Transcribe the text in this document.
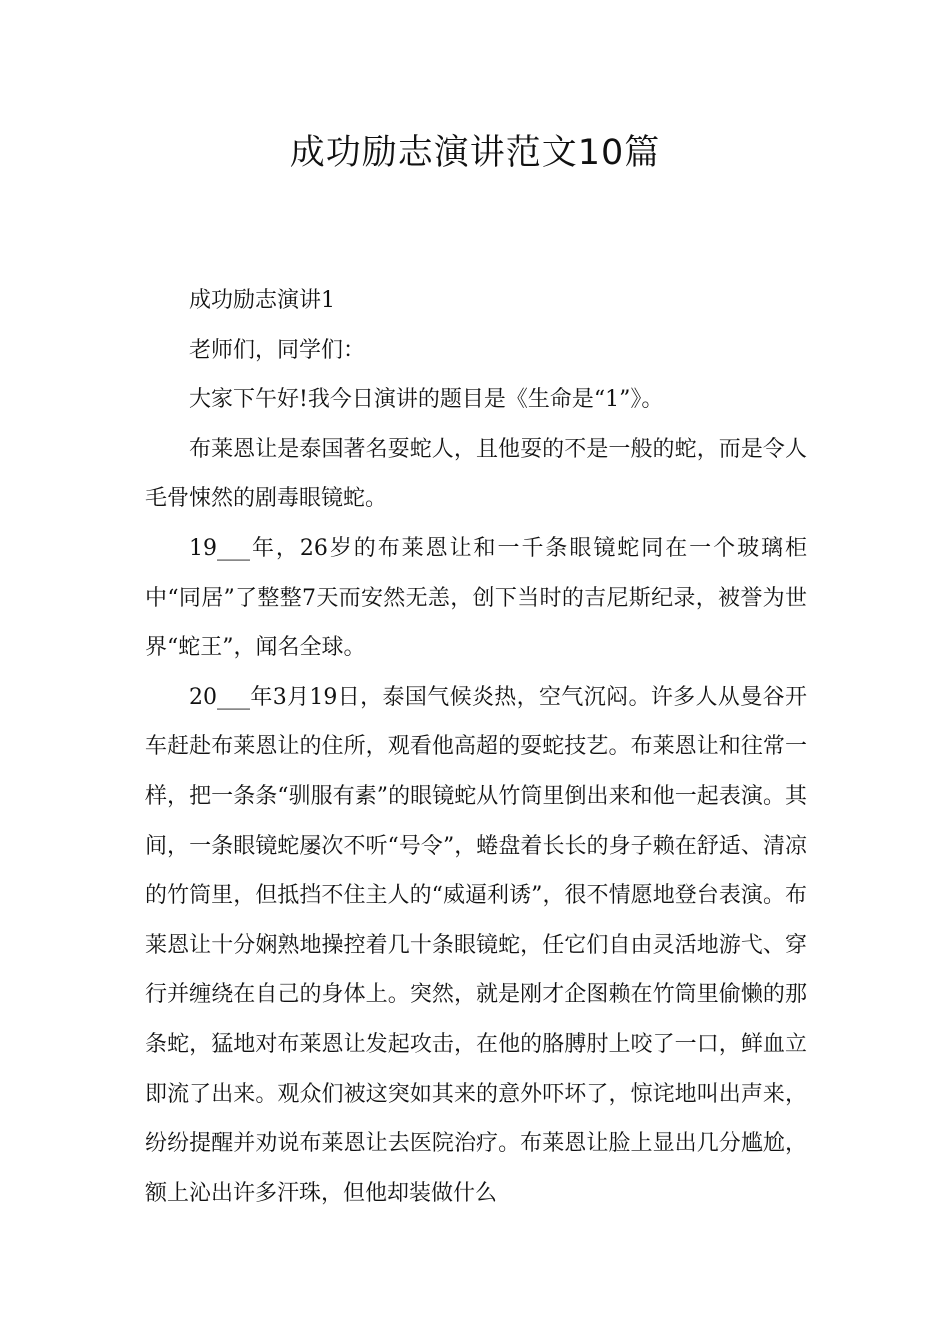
成功励志演讲范文10篇

成功励志演讲1

老师们，同学们：

大家下午好!我今日演讲的题目是《生命是“1”》。

布莱恩让是泰国著名耍蛇人，且他耍的不是一般的蛇，而是令人毛骨悚然的剧毒眼镜蛇。

19___年，26岁的布莱恩让和一千条眼镜蛇同在一个玻璃柜中“同居”了整整7天而安然无恙，创下当时的吉尼斯纪录，被誉为世界“蛇王”，闻名全球。

20___年3月19日，泰国气候炎热，空气沉闷。许多人从曼谷开车赶赴布莱恩让的住所，观看他高超的耍蛇技艺。布莱恩让和往常一样，把一条条“驯服有素”的眼镜蛇从竹筒里倒出来和他一起表演。其间，一条眼镜蛇屡次不听“号令”，蜷盘着长长的身子赖在舒适、清凉的竹筒里，但抵挡不住主人的“威逼利诱”，很不情愿地登台表演。布莱恩让十分娴熟地操控着几十条眼镜蛇，任它们自由灵活地游弋、穿行并缠绕在自己的身体上。突然，就是刚才企图赖在竹筒里偷懒的那条蛇，猛地对布莱恩让发起攻击，在他的胳膊肘上咬了一口，鲜血立即流了出来。观众们被这突如其来的意外吓坏了，惊诧地叫出声来，纷纷提醒并劝说布莱恩让去医院治疗。布莱恩让脸上显出几分尴尬，额上沁出许多汗珠，但他却装做什么
